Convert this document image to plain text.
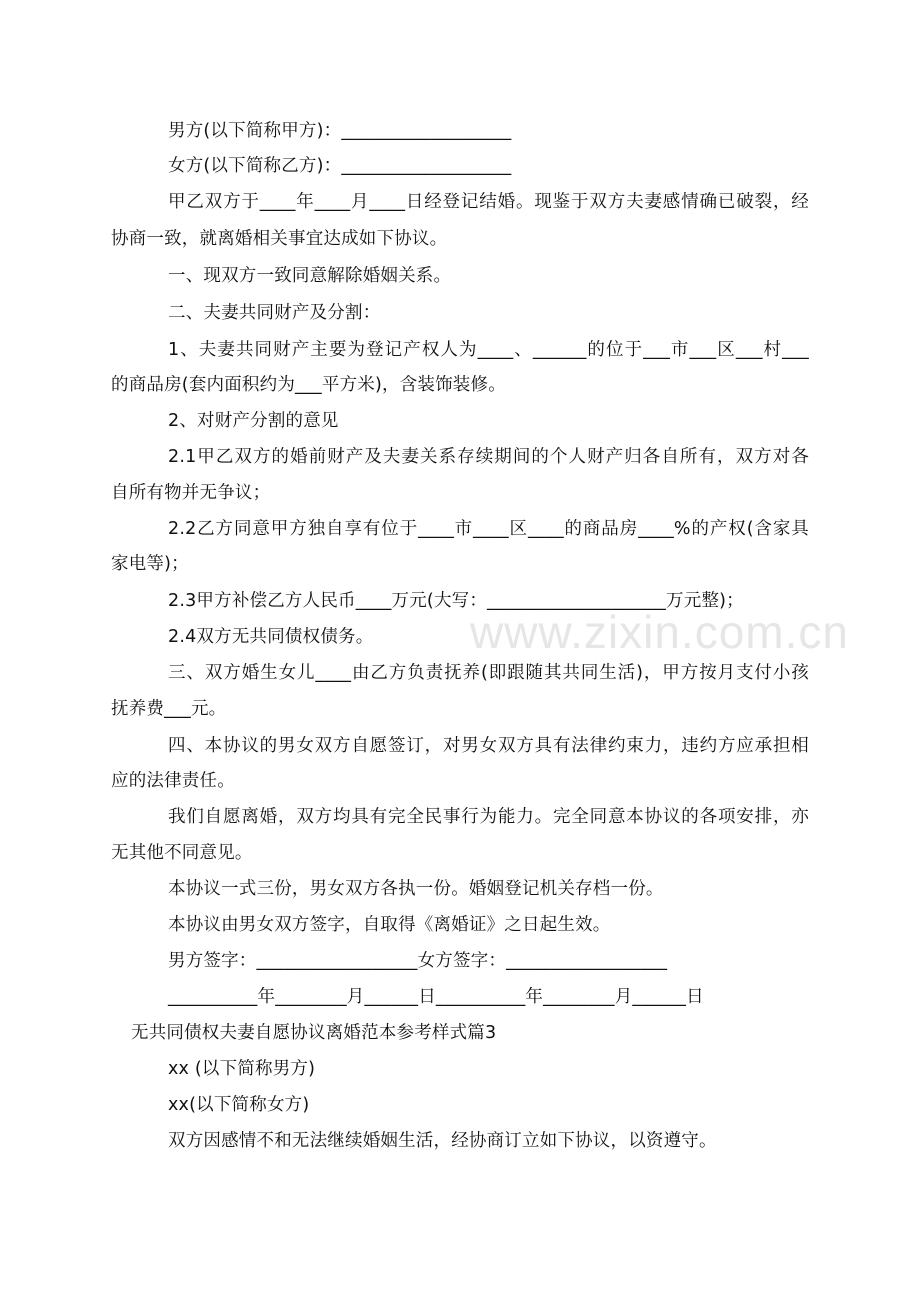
www.zixin.com.cn
男方(以下简称甲方)：___________________
女方(以下简称乙方)：___________________
甲乙双方于____年____月____日经登记结婚。现鉴于双方夫妻感情确已破裂，经
协商一致，就离婚相关事宜达成如下协议。
一、现双方一致同意解除婚姻关系。
二、夫妻共同财产及分割：
1、夫妻共同财产主要为登记产权人为____、______的位于___市___区___村___
的商品房(套内面积约为___平方米)，含装饰装修。
2、对财产分割的意见
2.1甲乙双方的婚前财产及夫妻关系存续期间的个人财产归各自所有，双方对各
自所有物并无争议；
2.2乙方同意甲方独自享有位于____市____区____的商品房____%的产权(含家具
家电等)；
2.3甲方补偿乙方人民币____万元(大写：____________________万元整)；
2.4双方无共同债权债务。
三、双方婚生女儿____由乙方负责抚养(即跟随其共同生活)，甲方按月支付小孩
抚养费___元。
四、本协议的男女双方自愿签订，对男女双方具有法律约束力，违约方应承担相
应的法律责任。
我们自愿离婚，双方均具有完全民事行为能力。完全同意本协议的各项安排，亦
无其他不同意见。
本协议一式三份，男女双方各执一份。婚姻登记机关存档一份。
本协议由男女双方签字，自取得《离婚证》之日起生效。
男方签字：__________________女方签字：__________________
__________年________月______日__________年________月______日
无共同债权夫妻自愿协议离婚范本参考样式篇3
xx (以下简称男方)
xx(以下简称女方)
双方因感情不和无法继续婚姻生活，经协商订立如下协议，以资遵守。
